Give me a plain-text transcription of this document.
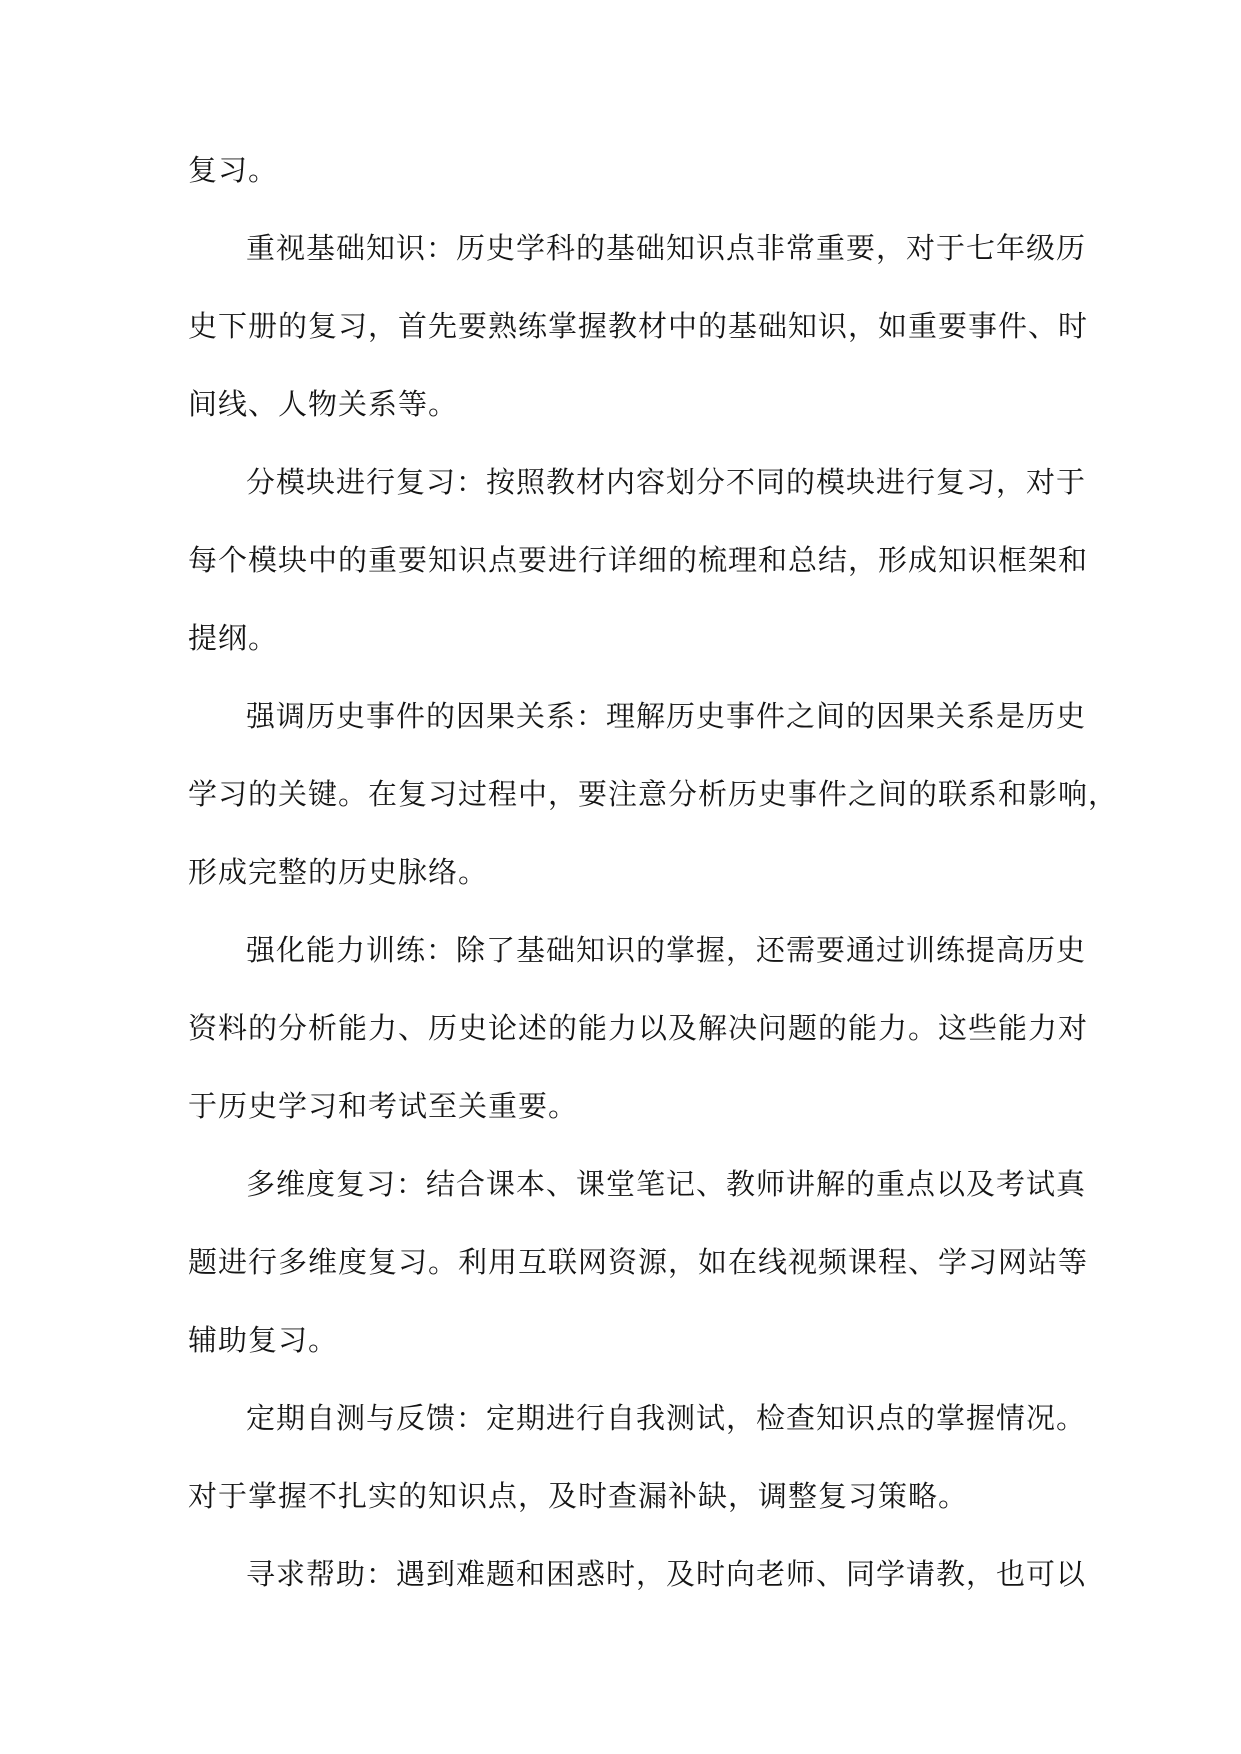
复习。
重视基础知识：历史学科的基础知识点非常重要，对于七年级历
史下册的复习，首先要熟练掌握教材中的基础知识，如重要事件、时
间线、人物关系等。
分模块进行复习：按照教材内容划分不同的模块进行复习，对于
每个模块中的重要知识点要进行详细的梳理和总结，形成知识框架和
提纲。
强调历史事件的因果关系：理解历史事件之间的因果关系是历史
学习的关键。在复习过程中，要注意分析历史事件之间的联系和影响，
形成完整的历史脉络。
强化能力训练：除了基础知识的掌握，还需要通过训练提高历史
资料的分析能力、历史论述的能力以及解决问题的能力。这些能力对
于历史学习和考试至关重要。
多维度复习：结合课本、课堂笔记、教师讲解的重点以及考试真
题进行多维度复习。利用互联网资源，如在线视频课程、学习网站等
辅助复习。
定期自测与反馈：定期进行自我测试，检查知识点的掌握情况。
对于掌握不扎实的知识点，及时查漏补缺，调整复习策略。
寻求帮助：遇到难题和困惑时，及时向老师、同学请教，也可以
